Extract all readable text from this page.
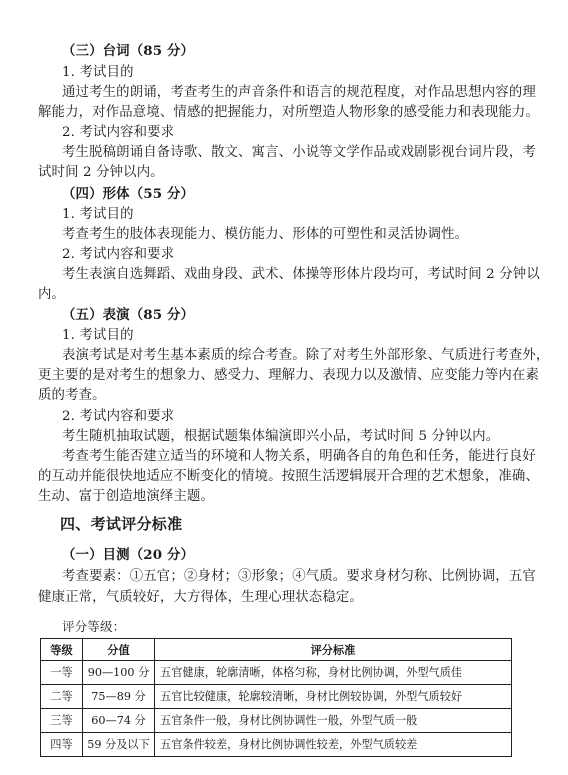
（三）台词（85 分）
1. 考试目的
通过考生的朗诵，考查考生的声音条件和语言的规范程度，对作品思想内容的理
解能力，对作品意境、情感的把握能力，对所塑造人物形象的感受能力和表现能力。
2. 考试内容和要求
考生脱稿朗诵自备诗歌、散文、寓言、小说等文学作品或戏剧影视台词片段，考
试时间 2 分钟以内。
（四）形体（55 分）
1. 考试目的
考查考生的肢体表现能力、模仿能力、形体的可塑性和灵活协调性。
2. 考试内容和要求
考生表演自选舞蹈、戏曲身段、武术、体操等形体片段均可，考试时间 2 分钟以
内。
（五）表演（85 分）
1. 考试目的
表演考试是对考生基本素质的综合考查。除了对考生外部形象、气质进行考查外，
更主要的是对考生的想象力、感受力、理解力、表现力以及激情、应变能力等内在素
质的考查。
2. 考试内容和要求
考生随机抽取试题，根据试题集体编演即兴小品，考试时间 5 分钟以内。
考查考生能否建立适当的环境和人物关系，明确各自的角色和任务，能进行良好
的互动并能很快地适应不断变化的情境。按照生活逻辑展开合理的艺术想象，准确、
生动、富于创造地演绎主题。
四、考试评分标准
（一）目测（20 分）
考查要素：①五官；②身材；③形象；④气质。要求身材匀称、比例协调，五官
健康正常，气质较好，大方得体，生理心理状态稳定。
评分等级：
等级	分值	评分标准
一等	90—100 分	五官健康，轮廓清晰，体格匀称，身材比例协调，外型气质佳
二等	75—89 分	五官比较健康，轮廓较清晰，身材比例较协调，外型气质较好
三等	60—74 分	五官条件一般，身材比例协调性一般，外型气质一般
四等	59 分及以下	五官条件较差，身材比例协调性较差，外型气质较差
